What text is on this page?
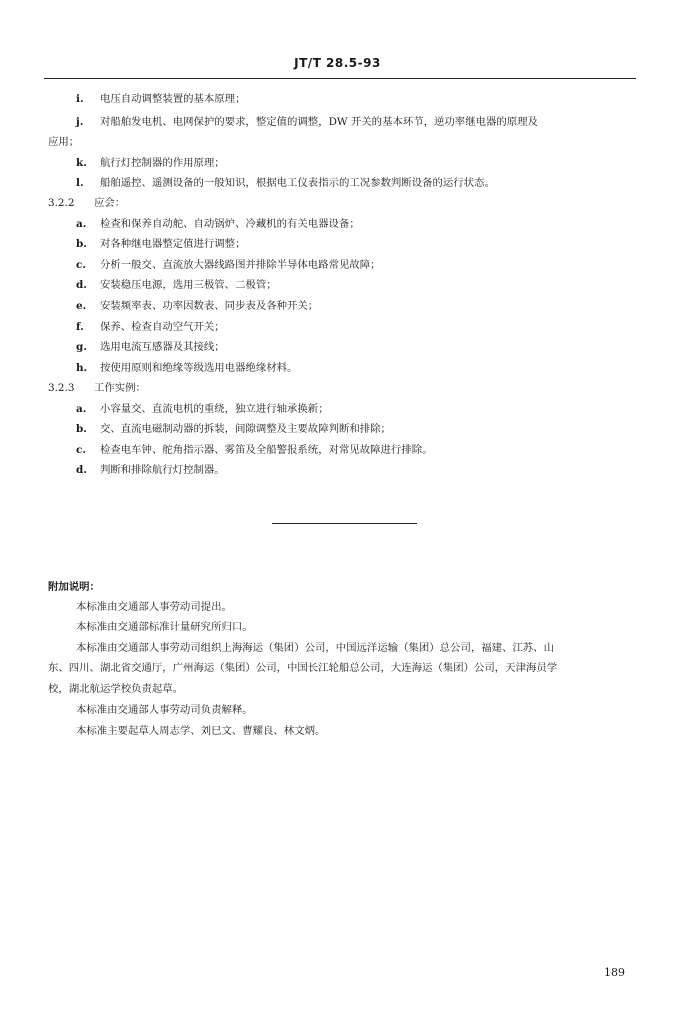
JT/T 28.5-93
i. 电压自动调整装置的基本原理；
j. 对船舶发电机、电网保护的要求，整定值的调整，DW 开关的基本环节，逆功率继电器的原理及
应用；
k. 航行灯控制器的作用原理；
l. 船舶遥控、遥测设备的一般知识，根据电工仪表指示的工况参数判断设备的运行状态。
3.2.2 应会：
a. 检查和保养自动舵、自动锅炉、冷藏机的有关电器设备；
b. 对各种继电器整定值进行调整；
c. 分析一般交、直流放大器线路图并排除半导体电路常见故障；
d. 安装稳压电源，选用三极管、二极管；
e. 安装频率表、功率因数表、同步表及各种开关；
f. 保养、检查自动空气开关；
g. 选用电流互感器及其接线；
h. 按使用原则和绝缘等级选用电器绝缘材料。
3.2.3 工作实例：
a. 小容量交、直流电机的重绕，独立进行轴承换新；
b. 交、直流电磁制动器的拆装，间隙调整及主要故障判断和排除；
c. 检查电车钟、舵角指示器、雾笛及全船警报系统，对常见故障进行排除。
d. 判断和排除航行灯控制器。
附加说明：
本标准由交通部人事劳动司提出。
本标准由交通部标准计量研究所归口。
本标准由交通部人事劳动司组织上海海运（集团）公司，中国远洋运输（集团）总公司，福建、江苏、山
东、四川、湖北省交通厅，广州海运（集团）公司，中国长江轮船总公司，大连海运（集团）公司，天津海员学
校，湖北航运学校负责起草。
本标准由交通部人事劳动司负责解释。
本标准主要起草人周志学、刘巳文、曹耀良、林文炳。
189
